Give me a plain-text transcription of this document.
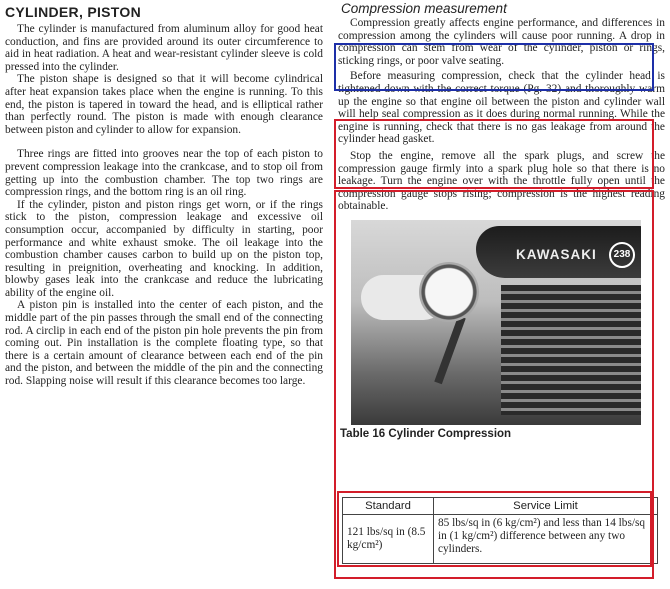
CYLINDER, PISTON

The cylinder is manufactured from aluminum alloy for good heat conduction, and fins are provided around its outer circumference to aid in heat radiation. A heat and wear-resistant cylinder sleeve is cold pressed into the cylinder.

The piston shape is designed so that it will become cylindrical after heat expansion takes place when the engine is running. To this end, the piston is tapered in toward the head, and is elliptical rather than perfectly round. The piston is made with enough clearance between piston and cylinder to allow for expansion.

Three rings are fitted into grooves near the top of each piston to prevent compression leakage into the crankcase, and to stop oil from getting up into the combustion chamber. The top two rings are compression rings, and the bottom ring is an oil ring.

If the cylinder, piston and piston rings get worn, or if the rings stick to the piston, compression leakage and excessive oil consumption occur, accompanied by difficulty in starting, poor performance and white exhaust smoke. The oil leakage into the combustion chamber causes carbon to build up on the piston top, resulting in preignition, overheating and knocking. In addition, blowby gases leak into the crankcase and reduce the lubricating ability of the engine oil.

A piston pin is installed into the center of each piston, and the middle part of the pin passes through the small end of the connecting rod. A circlip in each end of the piston pin hole prevents the pin from coming out. Pin installation is the complete floating type, so that there is a certain amount of clearance between each end of the pin and the piston, and between the middle of the pin and the connecting rod. Slapping noise will result if this clearance becomes too large.

Compression measurement

Compression greatly affects engine performance, and differences in compression among the cylinders will cause poor running. A drop in compression can stem from wear of the cylinder, piston or rings, sticking rings, or poor valve seating.

Before measuring compression, check that the cylinder head is tightened down with the correct torque (Pg. 32) and thoroughly warm up the engine so that engine oil between the piston and cylinder wall will help seal compression as it does during normal running. While the engine is running, check that there is no gas leakage from around the cylinder head gasket.

Stop the engine, remove all the spark plugs, and screw the compression gauge firmly into a spark plug hole so that there is no leakage. Turn the engine over with the throttle fully open until the compression gauge stops rising; compression is the highest reading obtainable.

KAWASAKI	238
Table 16 Cylinder Compression
Standard	Service Limit
121 lbs/sq in (8.5 kg/cm²)	85 lbs/sq in (6 kg/cm²) and less than 14 lbs/sq in (1 kg/cm²) difference between any two cylinders.
